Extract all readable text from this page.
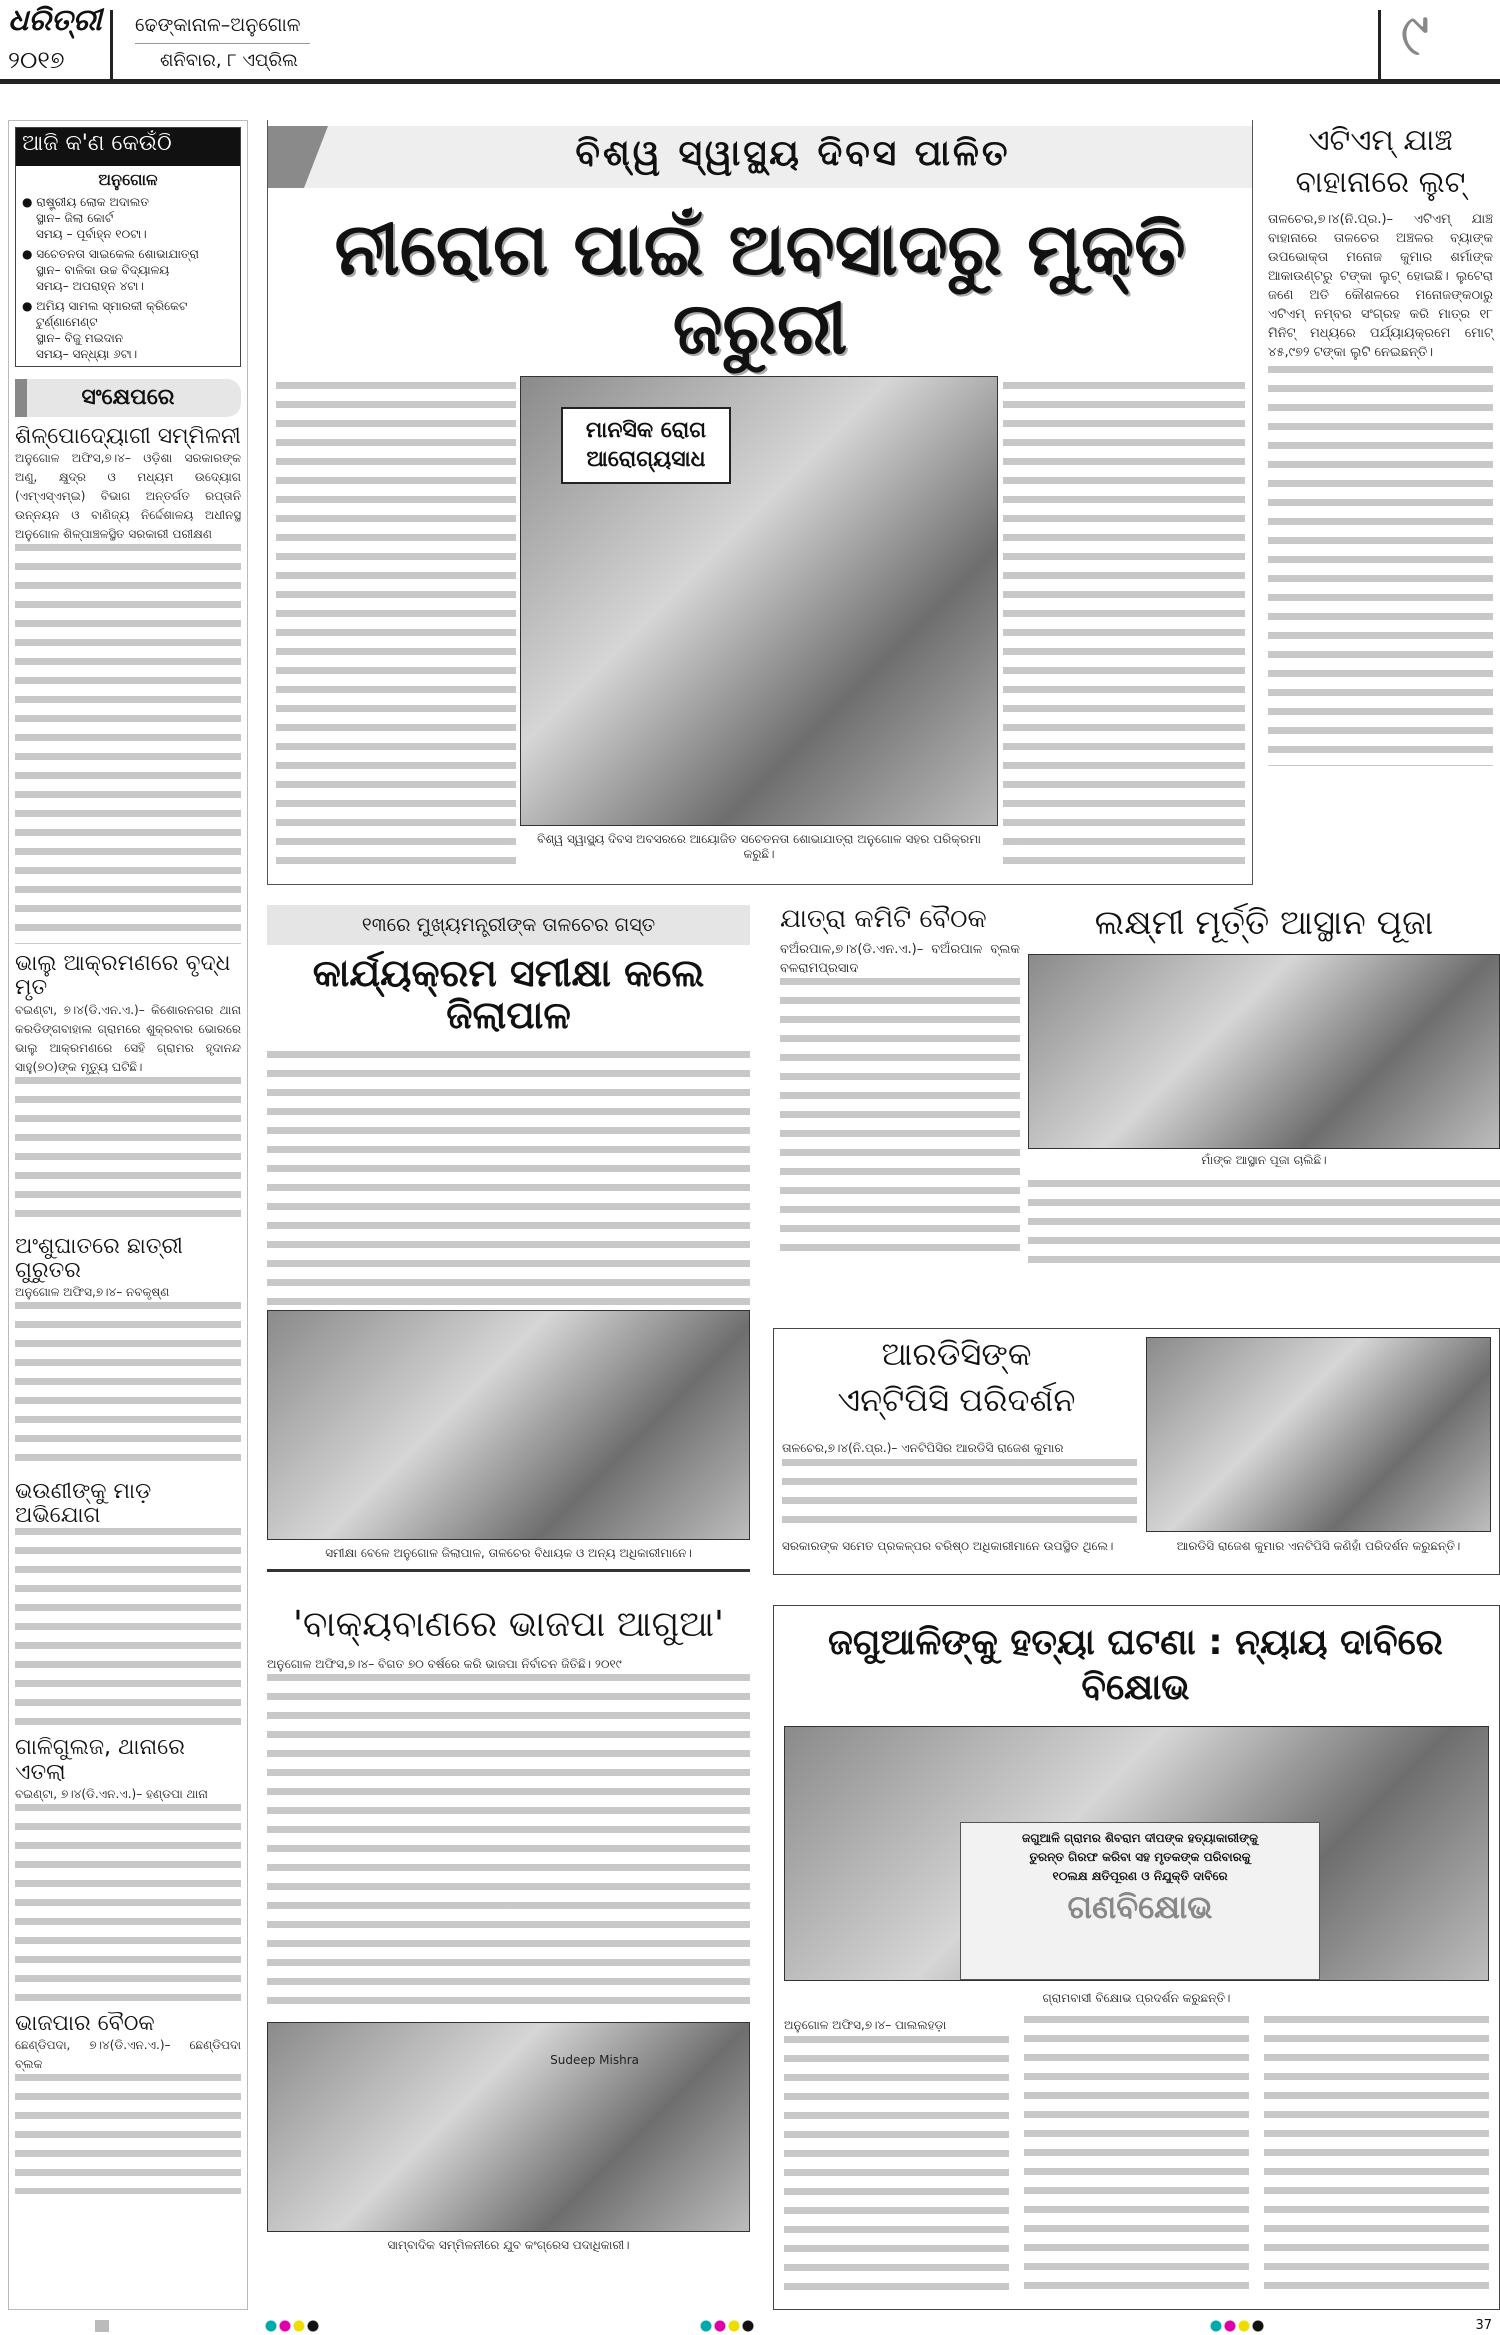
ଧରିତ୍ରୀ
୨୦୧୭
ଢେଙ୍କାନାଳ–ଅନୁଗୋଳ
ଶନିବାର, ୮ ଏପ୍ରିଲ	୯
ଆଜି କ'ଣ କେଉଁଠି
ଅନୁଗୋଳ
● ରାଷ୍ଟ୍ରୀୟ ଲୋକ ଅଦାଲତ
ସ୍ଥାନ– ଜିଲା କୋର୍ଟ
ସମୟ – ପୂର୍ବାହ୍ନ ୧୦ଟା।
● ସଚେତନତା ସାଇକେଲ ଶୋଭାଯାତ୍ରା
ସ୍ଥାନ– ବାଳିକା ଉଚ୍ଚ ବିଦ୍ୟାଳୟ
ସମୟ– ଅପରାହ୍ନ ୪ଟା।
● ଅମିୟ ସାମଲ ସ୍ମାରକୀ କ୍ରିକେଟ ଟୁର୍ଣ୍ଣାମେଣ୍ଟ
ସ୍ଥାନ– ବିଜୁ ମଇଦାନ
ସମୟ– ସନ୍ଧ୍ୟା ୬ଟା।
ସଂକ୍ଷେପରେ
ଶିଳ୍ପୋଦ୍ୟୋଗୀ ସମ୍ମିଳନୀ
ଅନୁଗୋଳ ଅଫିସ,୭।୪– ଓଡ଼ିଶା ସରକାରଙ୍କ ଅଣୁ, କ୍ଷୁଦ୍ର ଓ ମଧ୍ୟମ ଉଦ୍ୟୋଗ (ଏମ୍‌ଏସ୍‌ଏମ୍‌ଇ) ବିଭାଗ ଅନ୍ତର୍ଗତ ରପ୍ତାନି ଉନ୍ନୟନ ଓ ବାଣିଜ୍ୟ ନିର୍ଦ୍ଦେଶାଳୟ ଅଧୀନସ୍ଥ ଅନୁଗୋଳ ଶିଳ୍ପାଞ୍ଚଳସ୍ଥିତ ସରକାରୀ ପରୀକ୍ଷଣ
ଭାଲୁ ଆକ୍ରମଣରେ ବୃଦ୍ଧ ମୃତ
ବଇଣ୍ଟା, ୭।୪(ଡି.ଏନ.ଏ.)– କିଶୋରନଗର ଥାନା କରଡିଙ୍ଗବାହାଲ ଗ୍ରାମରେ ଶୁକ୍ରବାର ଭୋରରେ ଭାଲୁ ଆକ୍ରମଣରେ ସେହି ଗ୍ରାମର ହୃଦାନନ୍ଦ ସାହୁ(୭୦)ଙ୍କ ମୃତ୍ୟୁ ଘଟିଛି।
ଅଂଶୁଘାତରେ ଛାତ୍ରୀ ଗୁରୁତର
ଅନୁଗୋଳ ଅଫିସ,୭।୪– ନବକୃଷ୍ଣ
ଭଉଣୀଙ୍କୁ ମାଡ଼ ଅଭିଯୋଗ
ଗାଳିଗୁଲଜ, ଥାନାରେ ଏତଲା
ବଇଣ୍ଟା, ୭।୪(ଡି.ଏନ.ଏ.)– ହଣ୍ଡପା ଥାନା
ଭାଜପାର ବୈଠକ
ଛେଣ୍ଡିପଦା, ୭।୪(ଡି.ଏନ.ଏ.)– ଛେଣ୍ଡିପଦା ବ୍ଲକ
ବିଶ୍ୱ ସ୍ୱାସ୍ଥ୍ୟ ଦିବସ ପାଳିତ
ନୀରୋଗ ପାଇଁ ଅବସାଦରୁ ମୁକ୍ତି ଜରୁରୀ
ମାନସିକ ରୋଗ ଆରୋଗ୍ୟସାଧ
ବିଶ୍ୱ ସ୍ୱାସ୍ଥ୍ୟ ଦିବସ ଅବସରରେ ଆୟୋଜିତ ସଚେତନତା ଶୋଭାଯାତ୍ରା ଅନୁଗୋଳ ସହର ପରିକ୍ରମା କରୁଛି।
ଏଟିଏମ୍ ଯାଞ୍ଚ ବାହାନାରେ ଲୁଟ୍
ତାଳଚେର,୭।୪(ନି.ପ୍ର.)– ଏଟିଏମ୍ ଯାଞ୍ଚ ବାହାନାରେ ତାଳଚେର ଅଞ୍ଚଳର ବ୍ୟାଙ୍କ ଉପଭୋକ୍ତା ମନୋଜ କୁମାର ଶର୍ମାଙ୍କ ଆକାଉଣ୍ଟରୁ ଟଙ୍କା ଲୁଟ୍ ହୋଇଛି। ଲୁଟେରା ଜଣେ ଅତି କୌଶଳରେ ମନୋଜଙ୍କଠାରୁ ଏଟିଏମ୍ ନମ୍ବର ସଂଗ୍ରହ କରି ମାତ୍ର ୧୮ ମିନିଟ୍ ମଧ୍ୟରେ ପର୍ଯ୍ୟାୟକ୍ରମେ ମୋଟ୍ ୪୫,୯୭୨ ଟଙ୍କା ଲୁଟି ନେଇଛନ୍ତି।
୧୩ରେ ମୁଖ୍ୟମନ୍ତ୍ରୀଙ୍କ ତାଳଚେର ଗସ୍ତ
କାର୍ଯ୍ୟକ୍ରମ ସମୀକ୍ଷା କଲେ ଜିଲାପାଳ
ସମୀକ୍ଷା ବେଳେ ଅନୁଗୋଳ ଜିଲାପାଳ, ତାଳଚେର ବିଧାୟକ ଓ ଅନ୍ୟ ଅଧିକାରୀମାନେ।
ଯାତ୍ରା କମିଟି ବୈଠକ
ବଅଁରପାଳ,୭।୪(ଡି.ଏନ.ଏ.)– ବଅଁରପାଳ ବ୍ଲକ ବଳରାମପ୍ରସାଦ
ଲକ୍ଷ୍ମୀ ମୂର୍ତ୍ତି ଆସ୍ଥାନ ପୂଜା
ମାଁଙ୍କ ଆସ୍ଥାନ ପୂଜା ଚାଲିଛି।
ଆରଡିସିଙ୍କ
ଏନ୍‌ଟିପିସି ପରିଦର୍ଶନ
ତାଳଚେର,୭।୪(ନି.ପ୍ର.)– ଏନଟିପିସିର ଆରଡିସି ରାଜେଶ କୁମାର
ସରକାରଙ୍କ ସମେତ ପ୍ରକଳ୍ପର ବରିଷ୍ଠ ଅଧିକାରୀମାନେ ଉପସ୍ଥିତ ଥିଲେ।	ଆରଡିସି ରାଜେଶ କୁମାର ଏନଟିପିସି କଣିହାଁ ପରିଦର୍ଶନ କରୁଛନ୍ତି।
'ବାକ୍ୟବାଣରେ ଭାଜପା ଆଗୁଆ'
ଅନୁଗୋଳ ଅଫିସ,୭।୪– ବିଗତ ୭୦ ବର୍ଷରେ କରି ଭାଜପା ନିର୍ବାଚନ ଜିତିଛି। ୨୦୧୯
Sudeep Mishra
ସାମ୍ବାଦିକ ସମ୍ମିଳନୀରେ ଯୁବ କଂଗ୍ରେସ ପଦାଧିକାରୀ।
ଜଗୁଆଳିଙ୍କୁ ହତ୍ୟା ଘଟଣା : ନ୍ୟାୟ ଦାବିରେ ବିକ୍ଷୋଭ
ଜଗୁଆଳି ଗ୍ରାମର ଶିବରାମ ଦୀପଙ୍କ ହତ୍ୟାକାରୀଙ୍କୁ
ତୁରନ୍ତ ଗିରଫ କରିବା ସହ ମୃତକଙ୍କ ପରିବାରକୁ
୧୦ଲକ୍ଷ କ୍ଷତିପୂରଣ ଓ ନିଯୁକ୍ତି ଦାବିରେ
ଗଣବିକ୍ଷୋଭ
ଗ୍ରାମବାସୀ ବିକ୍ଷୋଭ ପ୍ରଦର୍ଶନ କରୁଛନ୍ତି।
ଅନୁଗୋଳ ଅଫିସ,୭।୪– ପାଲଲହଡ଼ା
37
